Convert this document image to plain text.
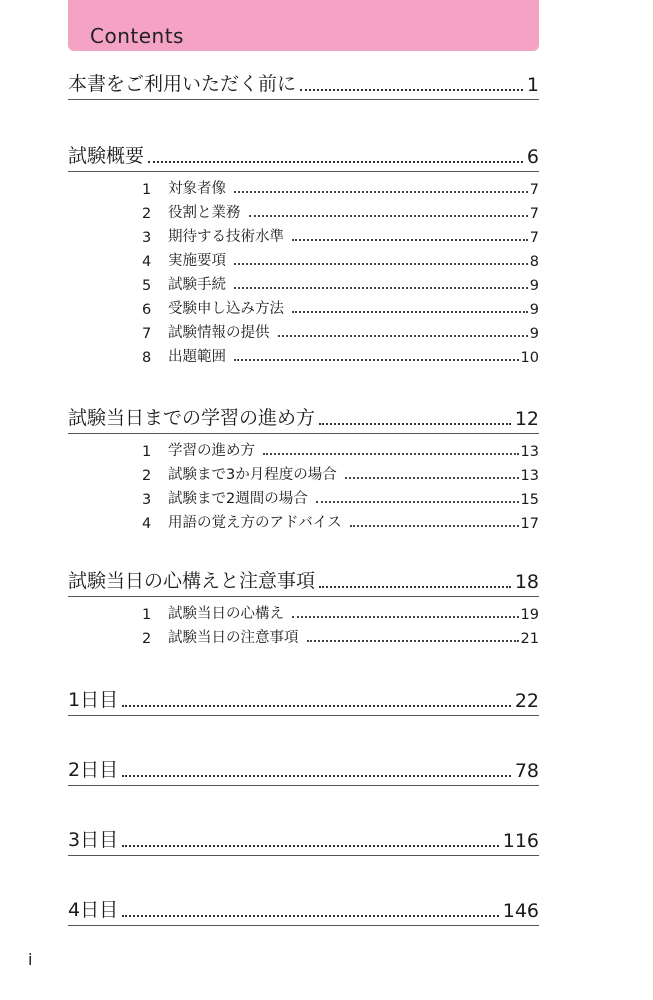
Contents
本書をご利用いただく前に	1
試験概要	6
1	対象者像	7
2	役割と業務	7
3	期待する技術水準	7
4	実施要項	8
5	試験手続	9
6	受験申し込み方法	9
7	試験情報の提供	9
8	出題範囲	10
試験当日までの学習の進め方	12
1	学習の進め方	13
2	試験まで3か月程度の場合	13
3	試験まで2週間の場合	15
4	用語の覚え方のアドバイス	17
試験当日の心構えと注意事項	18
1	試験当日の心構え	19
2	試験当日の注意事項	21
1日目	22
2日目	78
3日目	116
4日目	146
i
